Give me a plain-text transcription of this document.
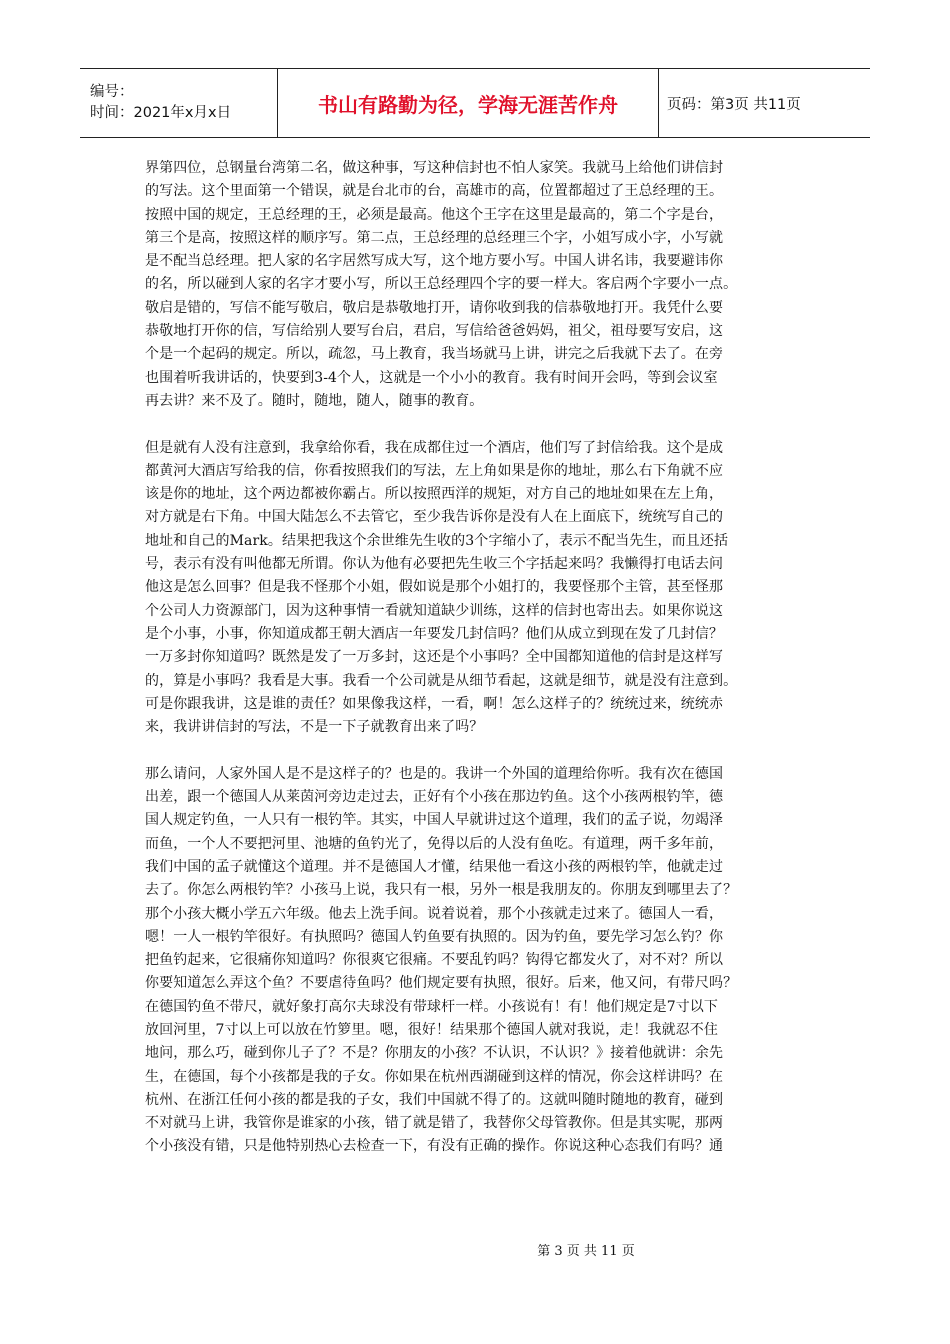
编号：
时间：2021年x月x日	书山有路勤为径，学海无涯苦作舟	页码：第3页 共11页

界第四位，总钢量台湾第二名，做这种事，写这种信封也不怕人家笑。我就马上给他们讲信封

的写法。这个里面第一个错误，就是台北市的台，高雄市的高，位置都超过了王总经理的王。

按照中国的规定，王总经理的王，必须是最高。他这个王字在这里是最高的，第二个字是台，

第三个是高，按照这样的顺序写。第二点，王总经理的总经理三个字，小姐写成小字，小写就

是不配当总经理。把人家的名字居然写成大写，这个地方要小写。中国人讲名讳，我要避讳你

的名，所以碰到人家的名字才要小写，所以王总经理四个字的要一样大。客启两个字要小一点。

敬启是错的，写信不能写敬启，敬启是恭敬地打开，请你收到我的信恭敬地打开。我凭什么要

恭敬地打开你的信，写信给别人要写台启，君启，写信给爸爸妈妈，祖父，祖母要写安启，这

个是一个起码的规定。所以，疏忽，马上教育，我当场就马上讲，讲完之后我就下去了。在旁

也围着听我讲话的，快要到3-4个人，这就是一个小小的教育。我有时间开会吗，等到会议室

再去讲？来不及了。随时，随地，随人，随事的教育。

但是就有人没有注意到，我拿给你看，我在成都住过一个酒店，他们写了封信给我。这个是成

都黄河大酒店写给我的信，你看按照我们的写法，左上角如果是你的地址，那么右下角就不应

该是你的地址，这个两边都被你霸占。所以按照西洋的规矩，对方自己的地址如果在左上角，

对方就是右下角。中国大陆怎么不去管它，至少我告诉你是没有人在上面底下，统统写自己的

地址和自己的Mark。结果把我这个余世维先生收的3个字缩小了，表示不配当先生，而且还括

号，表示有没有叫他都无所谓。你认为他有必要把先生收三个字括起来吗？我懒得打电话去问

他这是怎么回事？但是我不怪那个小姐，假如说是那个小姐打的，我要怪那个主管，甚至怪那

个公司人力资源部门，因为这种事情一看就知道缺少训练，这样的信封也寄出去。如果你说这

是个小事，小事，你知道成都王朝大酒店一年要发几封信吗？他们从成立到现在发了几封信？

一万多封你知道吗？既然是发了一万多封，这还是个小事吗？全中国都知道他的信封是这样写

的，算是小事吗？我看是大事。我看一个公司就是从细节看起，这就是细节，就是没有注意到。

可是你跟我讲，这是谁的责任？如果像我这样，一看，啊！怎么这样子的？统统过来，统统赤

来，我讲讲信封的写法，不是一下子就教育出来了吗？

那么请问，人家外国人是不是这样子的？也是的。我讲一个外国的道理给你听。我有次在德国

出差，跟一个德国人从莱茵河旁边走过去，正好有个小孩在那边钓鱼。这个小孩两根钓竿，德

国人规定钓鱼，一人只有一根钓竿。其实，中国人早就讲过这个道理，我们的孟子说，勿竭泽

而鱼，一个人不要把河里、池塘的鱼钓光了，免得以后的人没有鱼吃。有道理，两千多年前，

我们中国的孟子就懂这个道理。并不是德国人才懂，结果他一看这小孩的两根钓竿，他就走过

去了。你怎么两根钓竿？小孩马上说，我只有一根，另外一根是我朋友的。你朋友到哪里去了？

那个小孩大概小学五六年级。他去上洗手间。说着说着，那个小孩就走过来了。德国人一看，

嗯！一人一根钓竿很好。有执照吗？德国人钓鱼要有执照的。因为钓鱼，要先学习怎么钓？你

把鱼钓起来，它很痛你知道吗？你很爽它很痛。不要乱钓吗？钩得它都发火了，对不对？所以

你要知道怎么弄这个鱼？不要虐待鱼吗？他们规定要有执照，很好。后来，他又问，有带尺吗？

在德国钓鱼不带尺，就好象打高尔夫球没有带球杆一样。小孩说有！有！他们规定是7寸以下

放回河里，7寸以上可以放在竹箩里。嗯，很好！结果那个德国人就对我说，走！我就忍不住

地问，那么巧，碰到你儿子了？不是？你朋友的小孩？不认识，不认识？》接着他就讲：余先

生，在德国，每个小孩都是我的子女。你如果在杭州西湖碰到这样的情况，你会这样讲吗？在

杭州、在浙江任何小孩的都是我的子女，我们中国就不得了的。这就叫随时随地的教育，碰到

不对就马上讲，我管你是谁家的小孩，错了就是错了，我替你父母管教你。但是其实呢，那两

个小孩没有错，只是他特别热心去检查一下，有没有正确的操作。你说这种心态我们有吗？通

第 3 页 共 11 页
